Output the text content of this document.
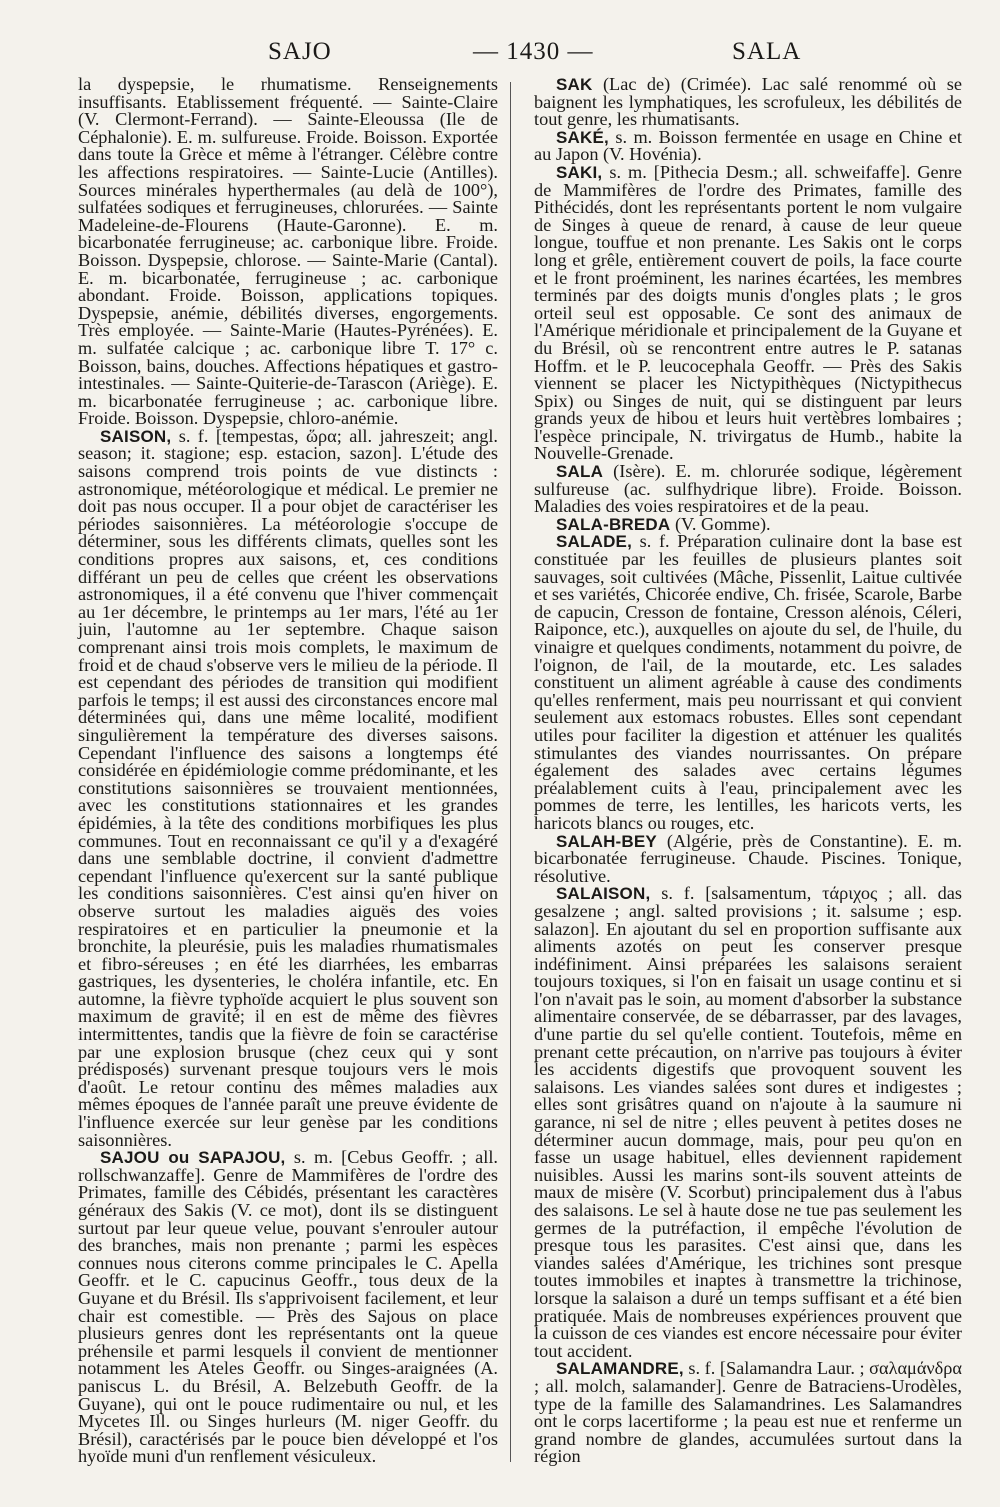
SAJO	— 1430 —	SALA

la dyspepsie, le rhumatisme. Renseignements insuffisants. Etablissement fréquenté. — Sainte-Claire (V. Clermont-Ferrand). — Sainte-Eleoussa (Ile de Céphalonie). E. m. sulfureuse. Froide. Boisson. Exportée dans toute la Grèce et même à l'étranger. Célèbre contre les affections respiratoires. — Sainte-Lucie (Antilles). Sources minérales hyperthermales (au delà de 100°), sulfatées sodiques et ferrugineuses, chlorurées. — Sainte Madeleine-de-Flourens (Haute-Garonne). E. m. bicarbonatée ferrugineuse; ac. carbonique libre. Froide. Boisson. Dyspepsie, chlorose. — Sainte-Marie (Cantal). E. m. bicarbonatée, ferrugineuse ; ac. carbonique abondant. Froide. Boisson, applications topiques. Dyspepsie, anémie, débilités diverses, engorgements. Très employée. — Sainte-Marie (Hautes-Pyrénées). E. m. sulfatée calcique ; ac. carbonique libre T. 17° c. Boisson, bains, douches. Affections hépatiques et gastro-intestinales. — Sainte-Quiterie-de-Tarascon (Ariège). E. m. bicarbonatée ferrugineuse ; ac. carbonique libre. Froide. Boisson. Dyspepsie, chloro-anémie.

SAISON, s. f. [tempestas, ὥρα; all. jahreszeit; angl. season; it. stagione; esp. estacion, sazon]. L'étude des saisons comprend trois points de vue distincts : astronomique, météorologique et médical. Le premier ne doit pas nous occuper. Il a pour objet de caractériser les périodes saisonnières. La météorologie s'occupe de déterminer, sous les différents climats, quelles sont les conditions propres aux saisons, et, ces conditions différant un peu de celles que créent les observations astronomiques, il a été convenu que l'hiver commençait au 1er décembre, le printemps au 1er mars, l'été au 1er juin, l'automne au 1er septembre. Chaque saison comprenant ainsi trois mois complets, le maximum de froid et de chaud s'observe vers le milieu de la période. Il est cependant des périodes de transition qui modifient parfois le temps; il est aussi des circonstances encore mal déterminées qui, dans une même localité, modifient singulièrement la température des diverses saisons. Cependant l'influence des saisons a longtemps été considérée en épidémiologie comme prédominante, et les constitutions saisonnières se trouvaient mentionnées, avec les constitutions stationnaires et les grandes épidémies, à la tête des conditions morbifiques les plus communes. Tout en reconnaissant ce qu'il y a d'exagéré dans une semblable doctrine, il convient d'admettre cependant l'influence qu'exercent sur la santé publique les conditions saisonnières. C'est ainsi qu'en hiver on observe surtout les maladies aiguës des voies respiratoires et en particulier la pneumonie et la bronchite, la pleurésie, puis les maladies rhumatismales et fibro-séreuses ; en été les diarrhées, les embarras gastriques, les dysenteries, le choléra infantile, etc. En automne, la fièvre typhoïde acquiert le plus souvent son maximum de gravité; il en est de même des fièvres intermittentes, tandis que la fièvre de foin se caractérise par une explosion brusque (chez ceux qui y sont prédisposés) survenant presque toujours vers le mois d'août. Le retour continu des mêmes maladies aux mêmes époques de l'année paraît une preuve évidente de l'influence exercée sur leur genèse par les conditions saisonnières.

SAJOU ou SAPAJOU, s. m. [Cebus Geoffr. ; all. rollschwanzaffe]. Genre de Mammifères de l'ordre des Primates, famille des Cébidés, présentant les caractères généraux des Sakis (V. ce mot), dont ils se distinguent surtout par leur queue velue, pouvant s'enrouler autour des branches, mais non prenante ; parmi les espèces connues nous citerons comme principales le C. Apella Geoffr. et le C. capucinus Geoffr., tous deux de la Guyane et du Brésil. Ils s'apprivoisent facilement, et leur chair est comestible. — Près des Sajous on place plusieurs genres dont les représentants ont la queue préhensile et parmi lesquels il convient de mentionner notamment les Ateles Geoffr. ou Singes-araignées (A. paniscus L. du Brésil, A. Belzebuth Geoffr. de la Guyane), qui ont le pouce rudimentaire ou nul, et les Mycetes Ill. ou Singes hurleurs (M. niger Geoffr. du Brésil), caractérisés par le pouce bien développé et l'os hyoïde muni d'un renflement vésiculeux.

SAK (Lac de) (Crimée). Lac salé renommé où se baignent les lymphatiques, les scrofuleux, les débilités de tout genre, les rhumatisants.

SAKÉ, s. m. Boisson fermentée en usage en Chine et au Japon (V. Hovénia).

SAKI, s. m. [Pithecia Desm.; all. schweifaffe]. Genre de Mammifères de l'ordre des Primates, famille des Pithécidés, dont les représentants portent le nom vulgaire de Singes à queue de renard, à cause de leur queue longue, touffue et non prenante. Les Sakis ont le corps long et grêle, entièrement couvert de poils, la face courte et le front proéminent, les narines écartées, les membres terminés par des doigts munis d'ongles plats ; le gros orteil seul est opposable. Ce sont des animaux de l'Amérique méridionale et principalement de la Guyane et du Brésil, où se rencontrent entre autres le P. satanas Hoffm. et le P. leucocephala Geoffr. — Près des Sakis viennent se placer les Nictypithèques (Nictypithecus Spix) ou Singes de nuit, qui se distinguent par leurs grands yeux de hibou et leurs huit vertèbres lombaires ; l'espèce principale, N. trivirgatus de Humb., habite la Nouvelle-Grenade.

SALA (Isère). E. m. chlorurée sodique, légèrement sulfureuse (ac. sulfhydrique libre). Froide. Boisson. Maladies des voies respiratoires et de la peau.

SALA-BREDA (V. Gomme).

SALADE, s. f. Préparation culinaire dont la base est constituée par les feuilles de plusieurs plantes soit sauvages, soit cultivées (Mâche, Pissenlit, Laitue cultivée et ses variétés, Chicorée endive, Ch. frisée, Scarole, Barbe de capucin, Cresson de fontaine, Cresson alénois, Céleri, Raiponce, etc.), auxquelles on ajoute du sel, de l'huile, du vinaigre et quelques condiments, notamment du poivre, de l'oignon, de l'ail, de la moutarde, etc. Les salades constituent un aliment agréable à cause des condiments qu'elles renferment, mais peu nourrissant et qui convient seulement aux estomacs robustes. Elles sont cependant utiles pour faciliter la digestion et atténuer les qualités stimulantes des viandes nourrissantes. On prépare également des salades avec certains légumes préalablement cuits à l'eau, principalement avec les pommes de terre, les lentilles, les haricots verts, les haricots blancs ou rouges, etc.

SALAH-BEY (Algérie, près de Constantine). E. m. bicarbonatée ferrugineuse. Chaude. Piscines. Tonique, résolutive.

SALAISON, s. f. [salsamentum, τάριχος ; all. das gesalzene ; angl. salted provisions ; it. salsume ; esp. salazon]. En ajoutant du sel en proportion suffisante aux aliments azotés on peut les conserver presque indéfiniment. Ainsi préparées les salaisons seraient toujours toxiques, si l'on en faisait un usage continu et si l'on n'avait pas le soin, au moment d'absorber la substance alimentaire conservée, de se débarrasser, par des lavages, d'une partie du sel qu'elle contient. Toutefois, même en prenant cette précaution, on n'arrive pas toujours à éviter les accidents digestifs que provoquent souvent les salaisons. Les viandes salées sont dures et indigestes ; elles sont grisâtres quand on n'ajoute à la saumure ni garance, ni sel de nitre ; elles peuvent à petites doses ne déterminer aucun dommage, mais, pour peu qu'on en fasse un usage habituel, elles deviennent rapidement nuisibles. Aussi les marins sont-ils souvent atteints de maux de misère (V. Scorbut) principalement dus à l'abus des salaisons. Le sel à haute dose ne tue pas seulement les germes de la putréfaction, il empêche l'évolution de presque tous les parasites. C'est ainsi que, dans les viandes salées d'Amérique, les trichines sont presque toutes immobiles et inaptes à transmettre la trichinose, lorsque la salaison a duré un temps suffisant et a été bien pratiquée. Mais de nombreuses expériences prouvent que la cuisson de ces viandes est encore nécessaire pour éviter tout accident.

SALAMANDRE, s. f. [Salamandra Laur. ; σαλαμάνδρα ; all. molch, salamander]. Genre de Batraciens-Urodèles, type de la famille des Salamandrines. Les Salamandres ont le corps lacertiforme ; la peau est nue et renferme un grand nombre de glandes, accumulées surtout dans la région
